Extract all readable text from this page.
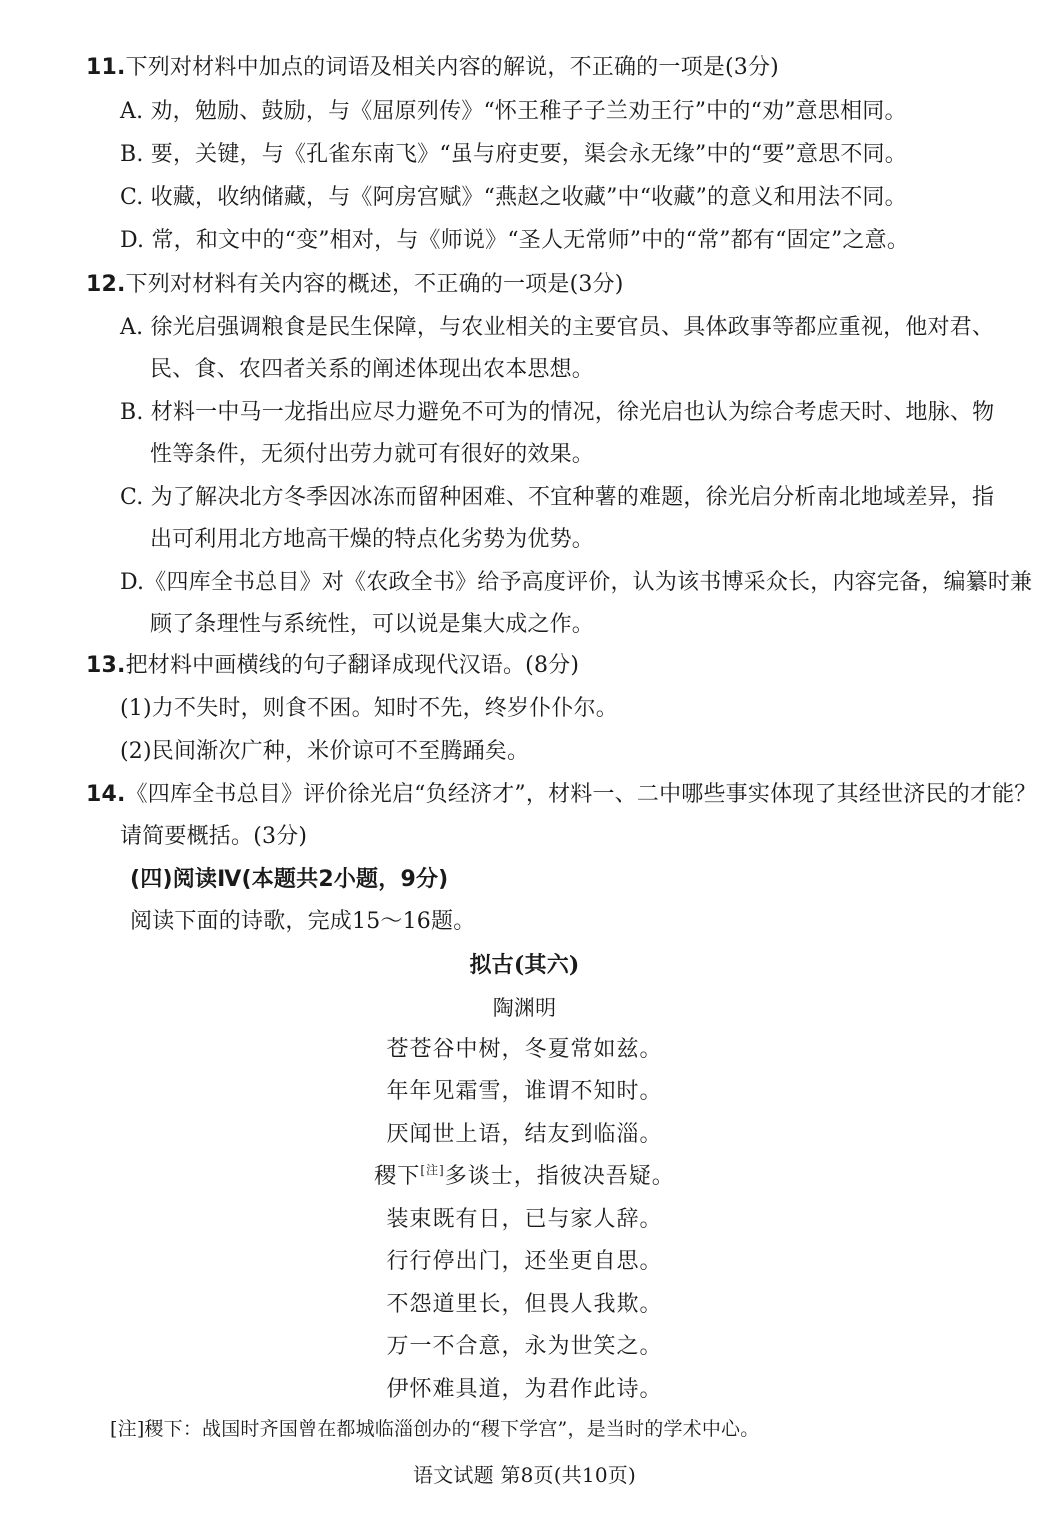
11.下列对材料中加点的词语及相关内容的解说，不正确的一项是(3分)
A. 劝，勉励、鼓励，与《屈原列传》“怀王稚子子兰劝王行”中的“劝”意思相同。
B. 要，关键，与《孔雀东南飞》“虽与府吏要，渠会永无缘”中的“要”意思不同。
C. 收藏，收纳储藏，与《阿房宫赋》“燕赵之收藏”中“收藏”的意义和用法不同。
D. 常，和文中的“变”相对，与《师说》“圣人无常师”中的“常”都有“固定”之意。
12.下列对材料有关内容的概述，不正确的一项是(3分)
A. 徐光启强调粮食是民生保障，与农业相关的主要官员、具体政事等都应重视，他对君、
民、食、农四者关系的阐述体现出农本思想。
B. 材料一中马一龙指出应尽力避免不可为的情况，徐光启也认为综合考虑天时、地脉、物
性等条件，无须付出劳力就可有很好的效果。
C. 为了解决北方冬季因冰冻而留种困难、不宜种薯的难题，徐光启分析南北地域差异，指
出可利用北方地高干燥的特点化劣势为优势。
D.《四库全书总目》对《农政全书》给予高度评价，认为该书博采众长，内容完备，编纂时兼
顾了条理性与系统性，可以说是集大成之作。
13.把材料中画横线的句子翻译成现代汉语。(8分)
(1)力不失时，则食不困。知时不先，终岁仆仆尔。
(2)民间渐次广种，米价谅可不至腾踊矣。
14.《四库全书总目》评价徐光启“负经济才”，材料一、二中哪些事实体现了其经世济民的才能？
请简要概括。(3分)
(四)阅读Ⅳ(本题共2小题，9分)
阅读下面的诗歌，完成15～16题。
拟古(其六)
陶渊明
苍苍谷中树，冬夏常如兹。
年年见霜雪，谁谓不知时。
厌闻世上语，结友到临淄。
稷下[注]多谈士，指彼决吾疑。
装束既有日，已与家人辞。
行行停出门，还坐更自思。
不怨道里长，但畏人我欺。
万一不合意，永为世笑之。
伊怀难具道，为君作此诗。
[注]稷下：战国时齐国曾在都城临淄创办的“稷下学宫”，是当时的学术中心。
语文试题 第8页(共10页)
